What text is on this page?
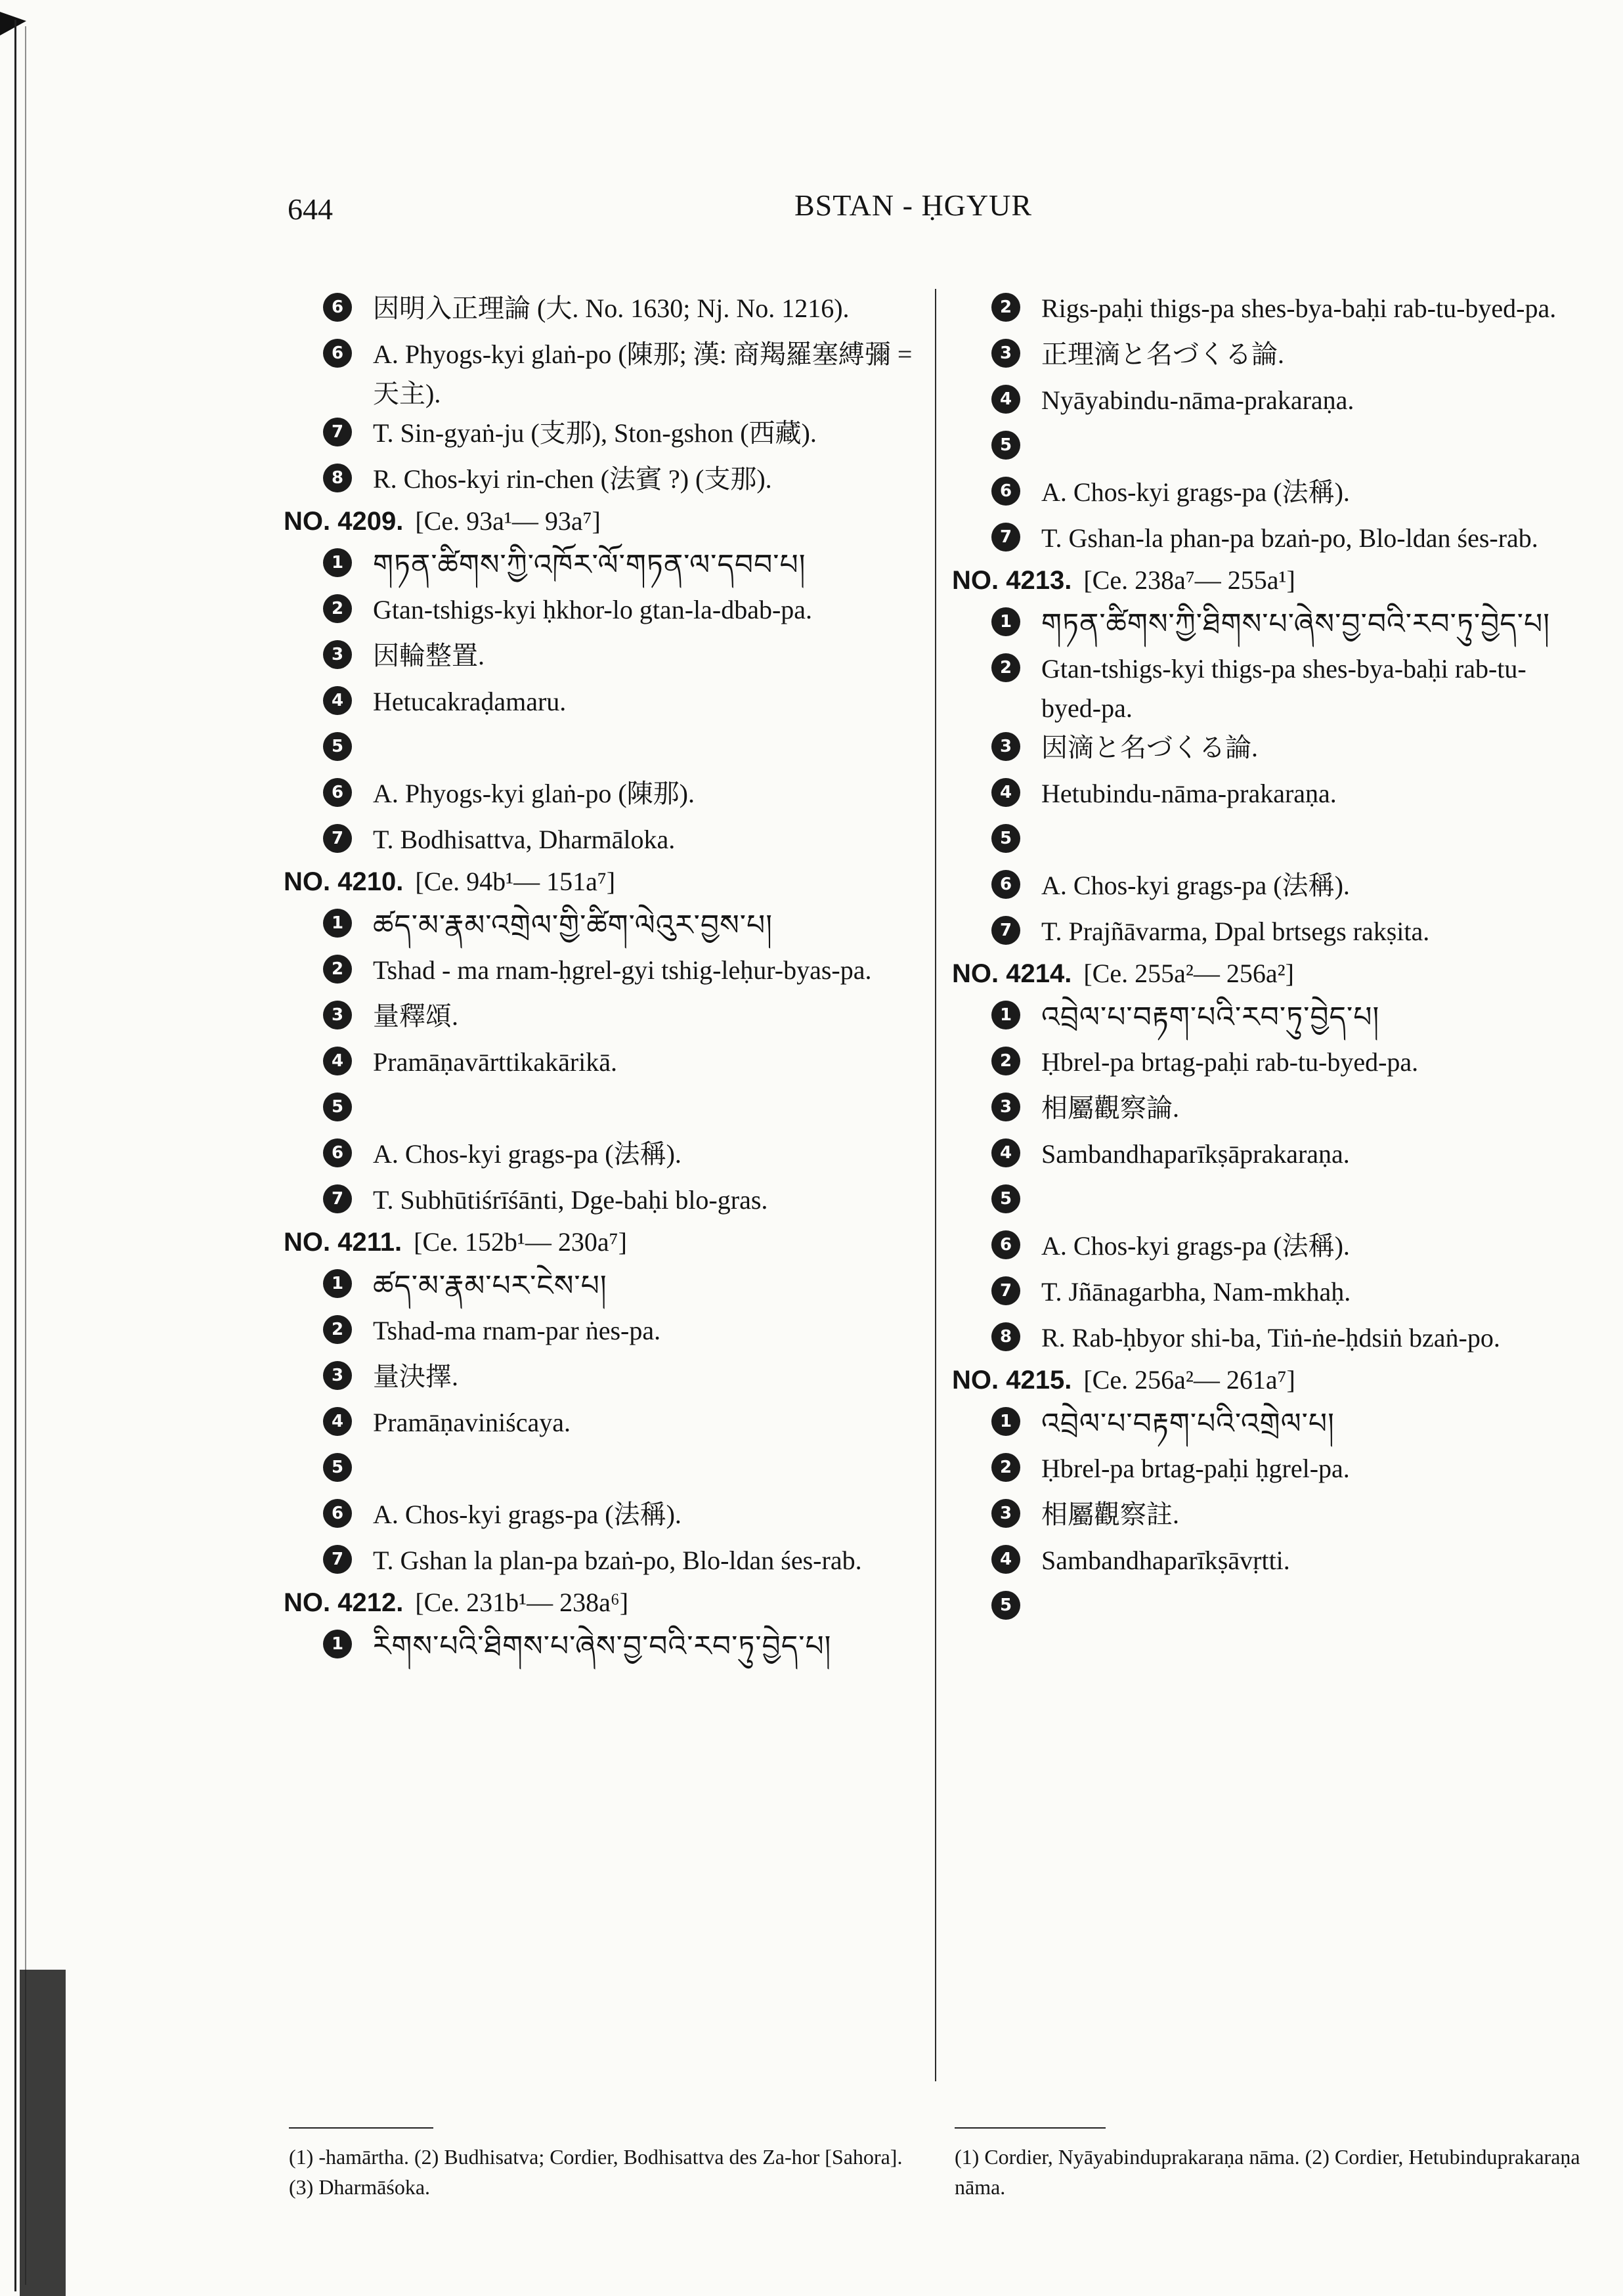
644	BSTAN - ḤGYUR
6	因明入正理論 (大. No. 1630; Nj. No. 1216).
6	A. Phyogs-kyi glaṅ-po (陳那; 漢: 商羯羅塞縛彌 = 天主).
7	T. Sin-gyaṅ-ju (支那), Ston-gshon (西藏).
8	R. Chos-kyi rin-chen (法賓 ?) (支那).
NO. 4209. [Ce. 93a¹— 93a⁷]
1 གཏན་ཚིགས་ཀྱི་འཁོར་ལོ་གཏན་ལ་དབབ་པ།
2	Gtan-tshigs-kyi ḥkhor-lo gtan-la-dbab-pa.
3	因輪整置.
4	Hetucakraḍamaru.
5
6	A. Phyogs-kyi glaṅ-po (陳那).
7	T. Bodhisattva, Dharmāloka.
NO. 4210. [Ce. 94b¹— 151a⁷]
1 ཚད་མ་རྣམ་འགྲེལ་གྱི་ཚིག་ལེའུར་བྱས་པ།
2	Tshad - ma rnam-ḥgrel-gyi tshig-leḥur-byas-pa.
3	量釋頌.
4	Pramāṇavārttikakārikā.
5
6	A. Chos-kyi grags-pa (法稱).
7	T. Subhūtiśrīśānti, Dge-baḥi blo-gras.
NO. 4211. [Ce. 152b¹— 230a⁷]
1 ཚད་མ་རྣམ་པར་ངེས་པ།
2	Tshad-ma rnam-par ṅes-pa.
3	量決擇.
4	Pramāṇaviniścaya.
5
6	A. Chos-kyi grags-pa (法稱).
7	T. Gshan la plan-pa bzaṅ-po, Blo-ldan śes-rab.
NO. 4212. [Ce. 231b¹— 238a⁶]
1 རིགས་པའི་ཐིགས་པ་ཞེས་བྱ་བའི་རབ་ཏུ་བྱེད་པ།
2	Rigs-paḥi thigs-pa shes-bya-baḥi rab-tu-byed-pa.
3	正理滴と名づくる論.
4	Nyāyabindu-nāma-prakaraṇa.
5
6	A. Chos-kyi grags-pa (法稱).
7	T. Gshan-la phan-pa bzaṅ-po, Blo-ldan śes-rab.
NO. 4213. [Ce. 238a⁷— 255a¹]
1 གཏན་ཚིགས་ཀྱི་ཐིགས་པ་ཞེས་བྱ་བའི་རབ་ཏུ་བྱེད་པ།
2	Gtan-tshigs-kyi thigs-pa shes-bya-baḥi rab-tu-byed-pa.
3	因滴と名づくる論.
4	Hetubindu-nāma-prakaraṇa.
5
6	A. Chos-kyi grags-pa (法稱).
7	T. Prajñāvarma, Dpal brtsegs rakṣita.
NO. 4214. [Ce. 255a²— 256a²]
1 འབྲེལ་པ་བརྟག་པའི་རབ་ཏུ་བྱེད་པ།
2	Ḥbrel-pa brtag-paḥi rab-tu-byed-pa.
3	相屬觀察論.
4	Sambandhaparīkṣāprakaraṇa.
5
6	A. Chos-kyi grags-pa (法稱).
7	T. Jñānagarbha, Nam-mkhaḥ.
8	R. Rab-ḥbyor shi-ba, Tiṅ-ṅe-ḥdsiṅ bzaṅ-po.
NO. 4215. [Ce. 256a²— 261a⁷]
1 འབྲེལ་པ་བརྟག་པའི་འགྲེལ་པ།
2	Ḥbrel-pa brtag-paḥi ḥgrel-pa.
3	相屬觀察註.
4	Sambandhaparīkṣāvṛtti.
5
(1) -hamārtha. (2) Budhisatva; Cordier, Bodhisattva des Za-hor [Sahora]. (3) Dharmāśoka.
(1) Cordier, Nyāyabinduprakaraṇa nāma. (2) Cordier, Hetubinduprakaraṇa nāma.
